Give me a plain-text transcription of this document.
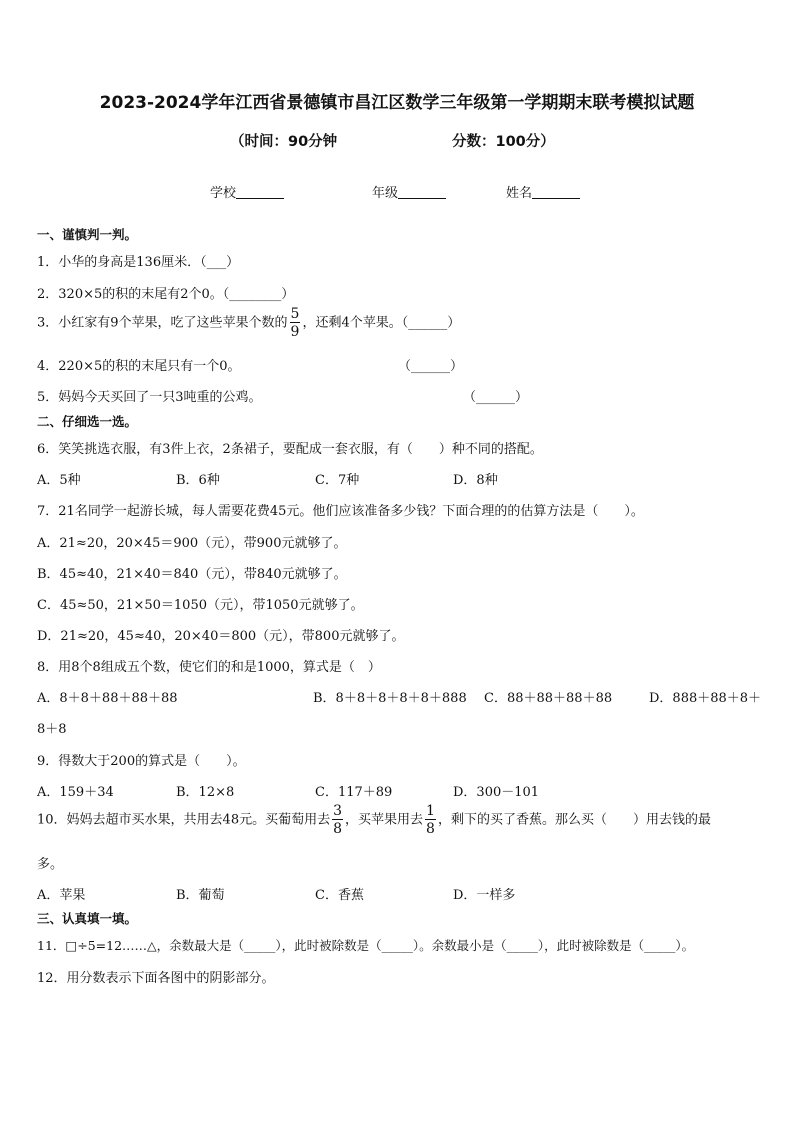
2023-2024学年江西省景德镇市昌江区数学三年级第一学期期末联考模拟试题
（时间：90分钟	分数：100分）
学校	年级	姓名
一、谨慎判一判。
1．小华的身高是136厘米．（___）
2．320×5的积的末尾有2个0。（________）
3．小红家有9个苹果，吃了这些苹果个数的 $\frac{5}{9}$ ，还剩4个苹果。（______）
4．220×5的积的末尾只有一个0。	（______）
5．妈妈今天买回了一只3吨重的公鸡。	（______）
二、仔细选一选。
6．笑笑挑选衣服，有3件上衣，2条裙子，要配成一套衣服，有（　　）种不同的搭配。
A．5种	B．6种	C．7种	D．8种
7．21名同学一起游长城，每人需要花费45元。他们应该准备多少钱？下面合理的的估算方法是（　　）。
A．21≈20，20×45＝900（元），带900元就够了。
B．45≈40，21×40＝840（元），带840元就够了。
C．45≈50，21×50＝1050（元），带1050元就够了。
D．21≈20，45≈40，20×40＝800（元），带800元就够了。
8．用8个8组成五个数，使它们的和是1000，算式是（　）
A．8＋8＋88＋88＋88	B．8＋8＋8＋8＋8＋888 C．88＋88＋88＋88	D．888＋88＋8＋
8＋8
9．得数大于200的算式是（　　）。
A．159＋34	B．12×8	C．117＋89	D．300－101
10．妈妈去超市买水果，共用去48元。买葡萄用去 $\frac{3}{8}$ ，买苹果用去 $\frac{1}{8}$ ，剩下的买了香蕉。那么买（　　）用去钱的最
多。
A．苹果	B．葡萄	C．香蕉	D．一样多
三、认真填一填。
11．□÷5=12……△，余数最大是（_____），此时被除数是（_____）。余数最小是（_____），此时被除数是（_____）。
12．用分数表示下面各图中的阴影部分。
